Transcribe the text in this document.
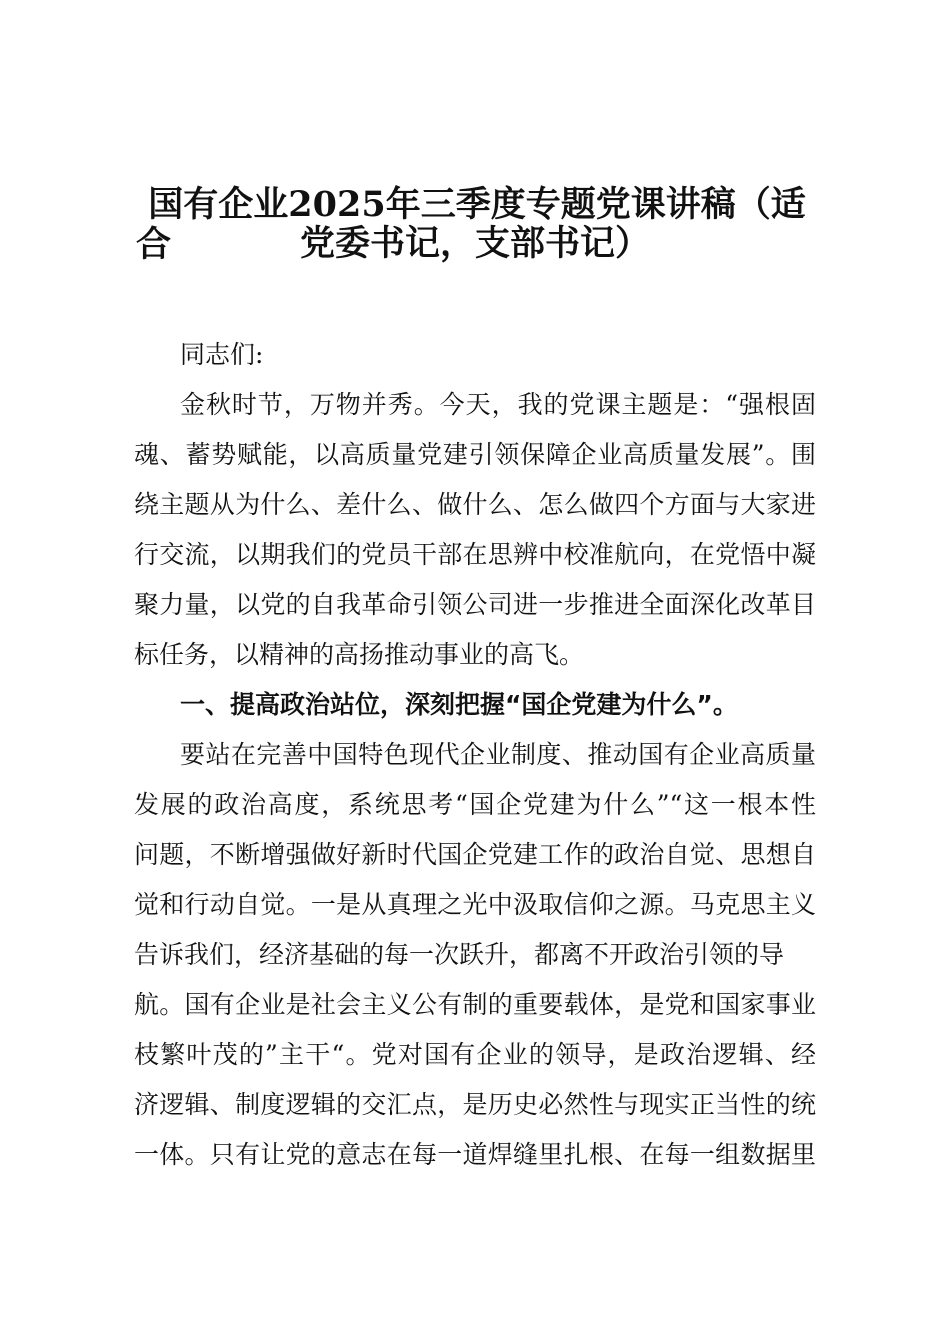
国有企业2025年三季度专题党课讲稿（适合	党委书记，支部书记）
同志们:
金秋时节，万物并秀。今天，我的党课主题是：“强根固
魂、蓄势赋能，以高质量党建引领保障企业高质量发展”。围
绕主题从为什么、差什么、做什么、怎么做四个方面与大家进
行交流，以期我们的党员干部在思辨中校准航向，在党悟中凝
聚力量，以党的自我革命引领公司进一步推进全面深化改革目
标任务，以精神的高扬推动事业的高飞。
一、提高政治站位，深刻把握“国企党建为什么”。
要站在完善中国特色现代企业制度、推动国有企业高质量
发展的政治高度，系统思考“国企党建为什么”“这一根本性
问题，不断增强做好新时代国企党建工作的政治自觉、思想自
觉和行动自觉。一是从真理之光中汲取信仰之源。马克思主义
告诉我们，经济基础的每一次跃升，都离不开政治引领的导
航。国有企业是社会主义公有制的重要载体，是党和国家事业
枝繁叶茂的”主干“。党对国有企业的领导，是政治逻辑、经
济逻辑、制度逻辑的交汇点，是历史必然性与现实正当性的统
一体。只有让党的意志在每一道焊缝里扎根、在每一组数据里
